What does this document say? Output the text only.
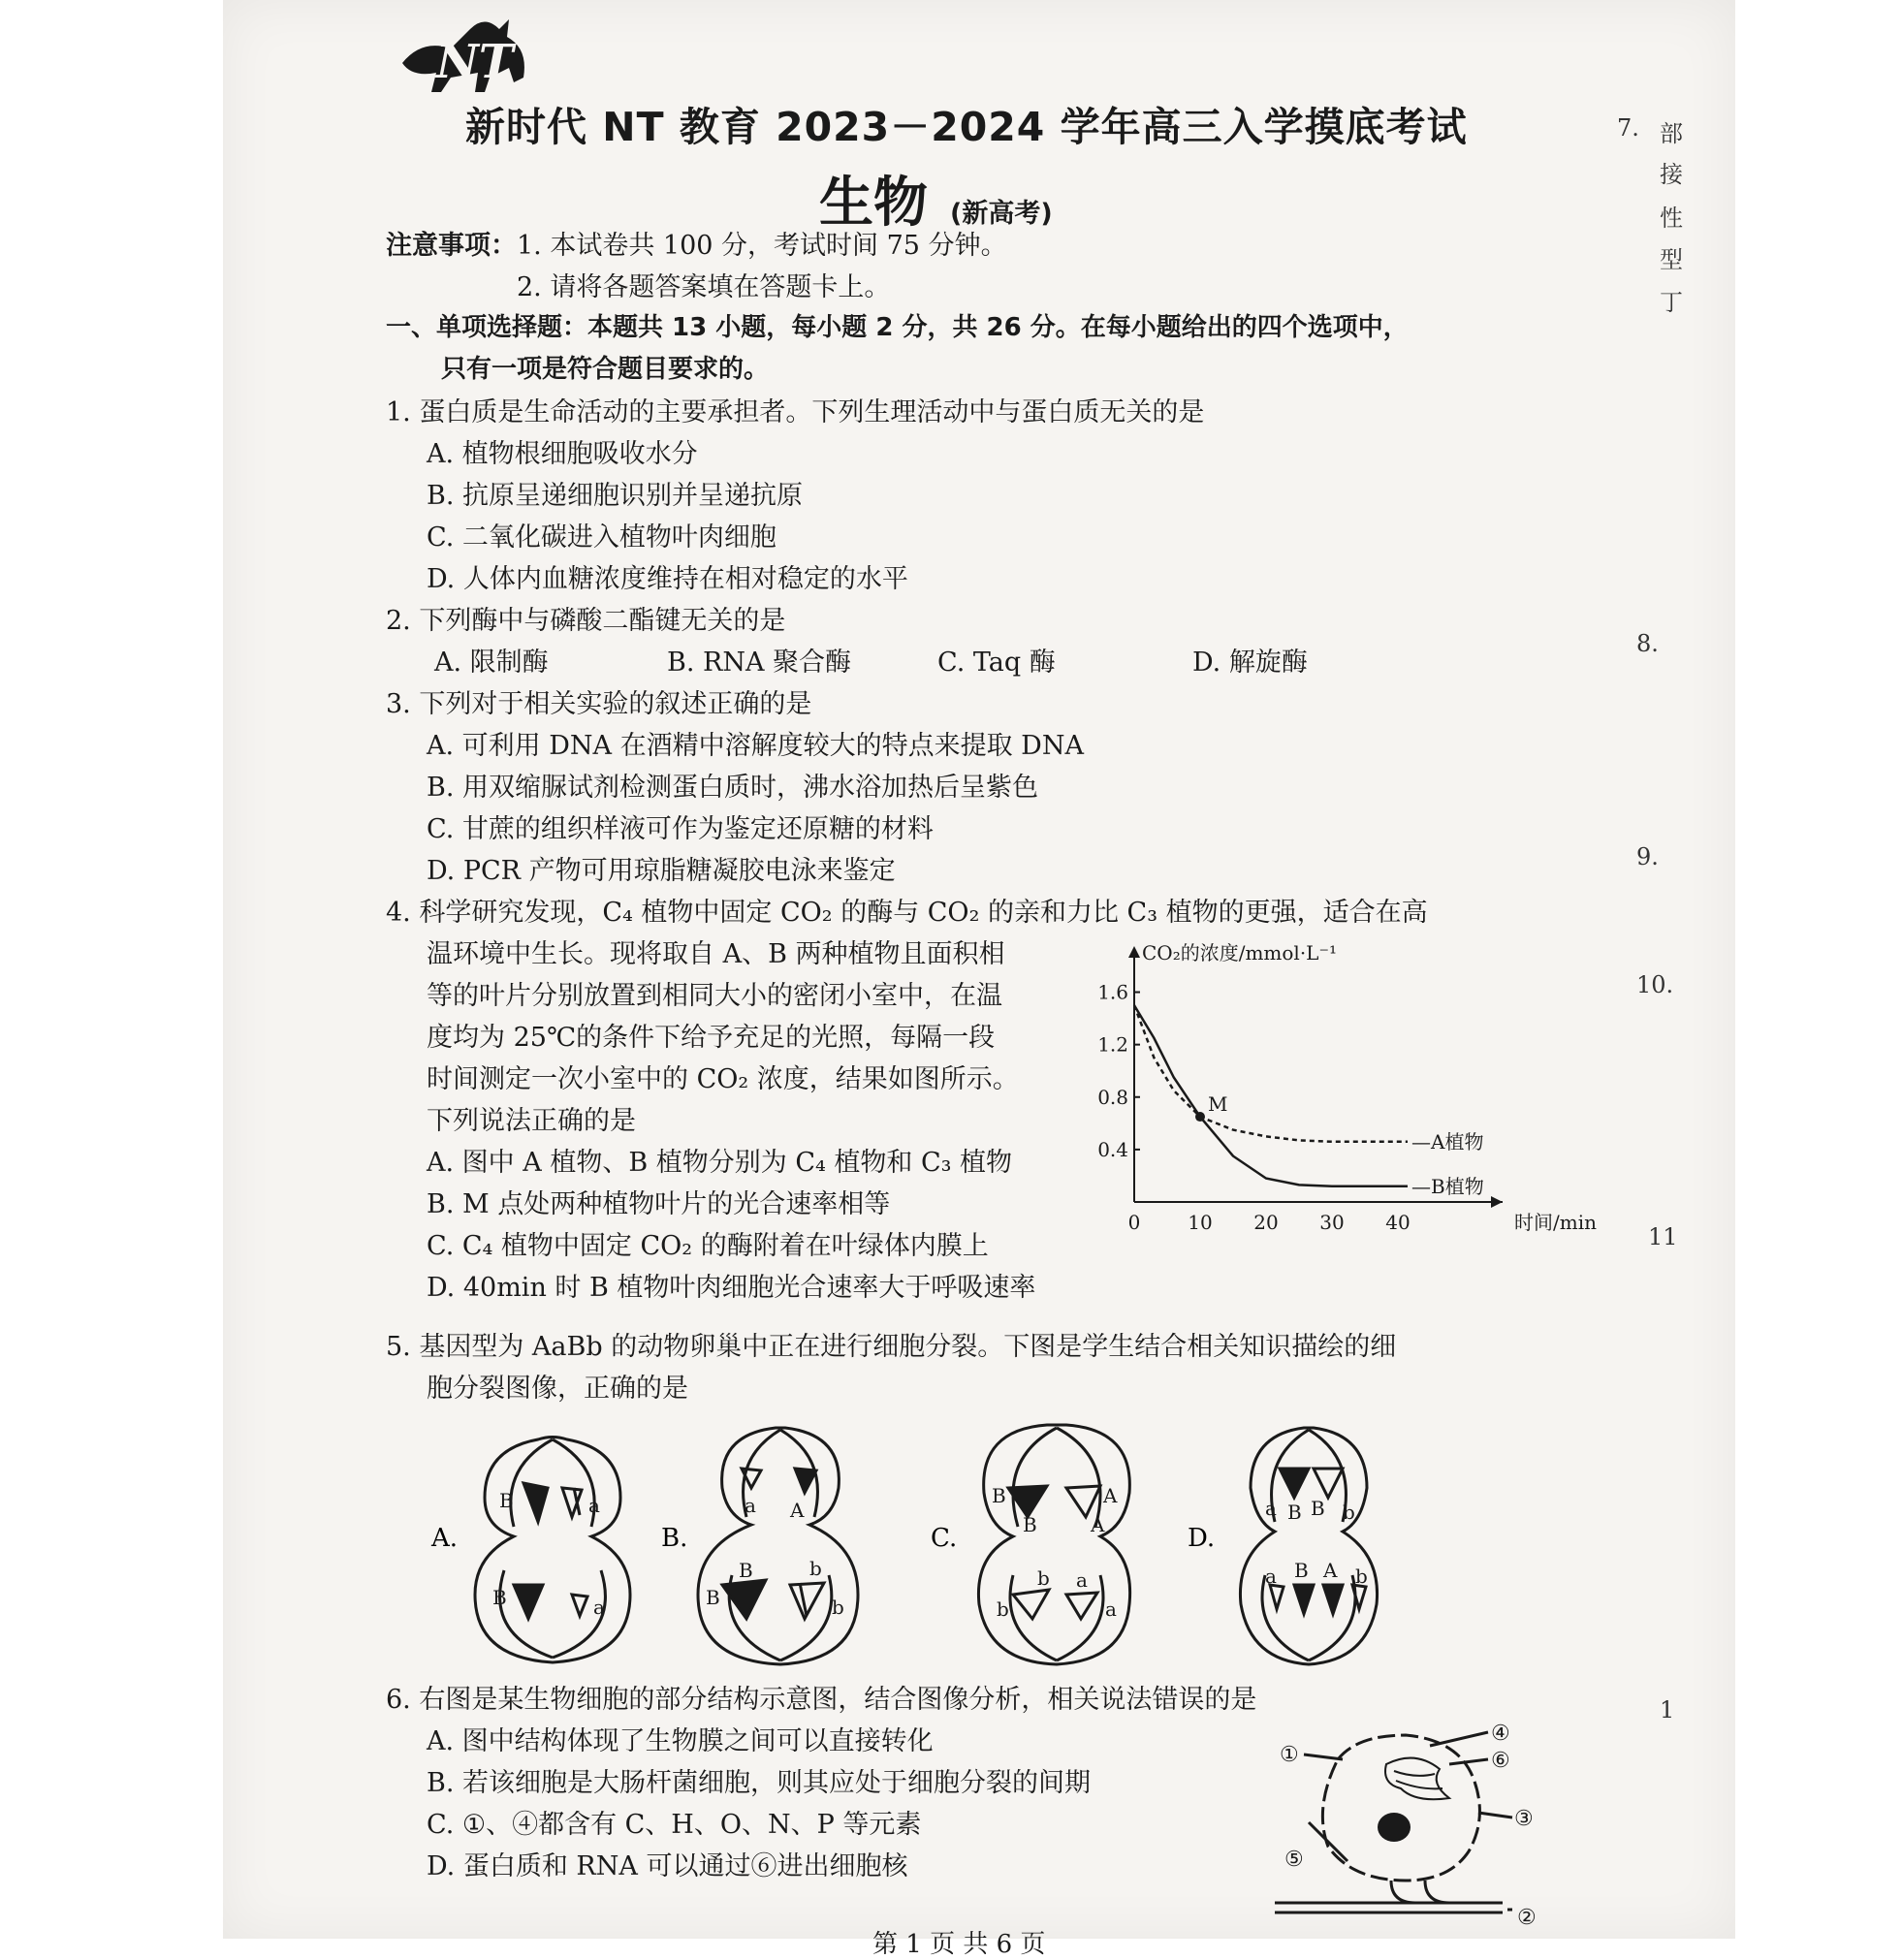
NT
新时代 NT 教育 2023－2024 学年高三入学摸底考试
生物 (新高考)
注意事项： 1. 本试卷共 100 分，考试时间 75 分钟。
2. 请将各题答案填在答题卡上。
一、单项选择题：本题共 13 小题，每小题 2 分，共 26 分。在每小题给出的四个选项中，
只有一项是符合题目要求的。
1. 蛋白质是生命活动的主要承担者。下列生理活动中与蛋白质无关的是
A. 植物根细胞吸收水分
B. 抗原呈递细胞识别并呈递抗原
C. 二氧化碳进入植物叶肉细胞
D. 人体内血糖浓度维持在相对稳定的水平
2. 下列酶中与磷酸二酯键无关的是
A. 限制酶	B. RNA 聚合酶	C. Taq 酶	D. 解旋酶
3. 下列对于相关实验的叙述正确的是
A. 可利用 DNA 在酒精中溶解度较大的特点来提取 DNA
B. 用双缩脲试剂检测蛋白质时，沸水浴加热后呈紫色
C. 甘蔗的组织样液可作为鉴定还原糖的材料
D. PCR 产物可用琼脂糖凝胶电泳来鉴定
4. 科学研究发现，C₄ 植物中固定 CO₂ 的酶与 CO₂ 的亲和力比 C₃ 植物的更强，适合在高
温环境中生长。现将取自 A、B 两种植物且面积相
等的叶片分别放置到相同大小的密闭小室中，在温
度均为 25℃的条件下给予充足的光照，每隔一段
时间测定一次小室中的 CO₂ 浓度，结果如图所示。
下列说法正确的是
A. 图中 A 植物、B 植物分别为 C₄ 植物和 C₃ 植物
B. M 点处两种植物叶片的光合速率相等
C. C₄ 植物中固定 CO₂ 的酶附着在叶绿体内膜上
D. 40min 时 B 植物叶肉细胞光合速率大于呼吸速率
CO₂的浓度/mmol·L⁻¹
时间/min
0 10 20 30 40
0.4
0.8
1.2
1.6
—A植物
—B植物
M
5. 基因型为 AaBb 的动物卵巢中正在进行细胞分裂。下图是学生结合相关知识描绘的细
胞分裂图像，正确的是
A.
B	a
B	a
B.
a A
B	b
B	b
C.
B
B
A
A
b
b
a
a
D.
a B B b
a B A b
6. 右图是某生物细胞的部分结构示意图，结合图像分析，相关说法错误的是
A. 图中结构体现了生物膜之间可以直接转化
B. 若该细胞是大肠杆菌细胞，则其应处于细胞分裂的间期
C. ①、④都含有 C、H、O、N、P 等元素
D. 蛋白质和 RNA 可以通过⑥进出细胞核
①
②
③
④
⑤
⑥
7. 部
接
性
型
丁
8.
9.
10.
11
1
第 1 页 共 6 页
